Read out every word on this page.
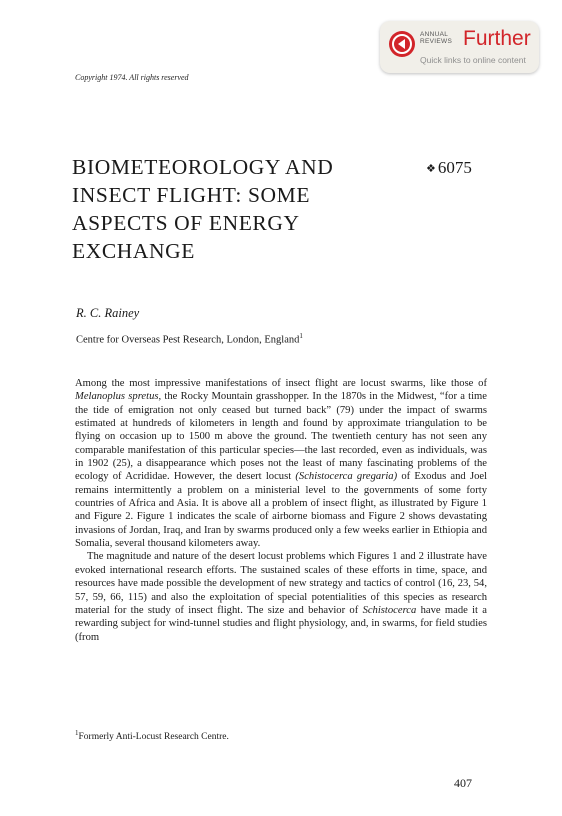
ANNUAL
REVIEWS Further
Quick links to online content
Copyright 1974. All rights reserved
BIOMETEOROLOGY AND
INSECT FLIGHT: SOME
ASPECTS OF ENERGY
EXCHANGE
❖ 6075
R. C. Rainey
Centre for Overseas Pest Research, London, England$^1$

Among the most impressive manifestations of insect flight are locust swarms, like those of Melanoplus spretus, the Rocky Mountain grasshopper. In the 1870s in the Midwest, “for a time the tide of emigration not only ceased but turned back” (79) under the impact of swarms estimated at hundreds of kilometers in length and found by approximate triangulation to be flying on occasion up to 1500 m above the ground. The twentieth century has not seen any comparable manifestation of this particular species—the last recorded, even as individuals, was in 1902 (25), a disappearance which poses not the least of many fascinating problems of the ecology of Acrididae. However, the desert locust (Schistocerca gregaria) of Exodus and Joel remains intermittently a problem on a ministerial level to the governments of some forty countries of Africa and Asia. It is above all a problem of insect flight, as illustrated by Figure 1 and Figure 2. Figure 1 indicates the scale of airborne biomass and Figure 2 shows devastating invasions of Jordan, Iraq, and Iran by swarms produced only a few weeks earlier in Ethiopia and Somalia, several thousand kilometers away.

The magnitude and nature of the desert locust problems which Figures 1 and 2 illustrate have evoked international research efforts. The sustained scales of these efforts in time, space, and resources have made possible the development of new strategy and tactics of control (16, 23, 54, 57, 59, 66, 115) and also the exploitation of special potentialities of this species as research material for the study of insect flight. The size and behavior of Schistocerca have made it a rewarding subject for wind-tunnel studies and flight physiology, and, in swarms, for field studies (from

$^1$Formerly Anti-Locust Research Centre.
407
